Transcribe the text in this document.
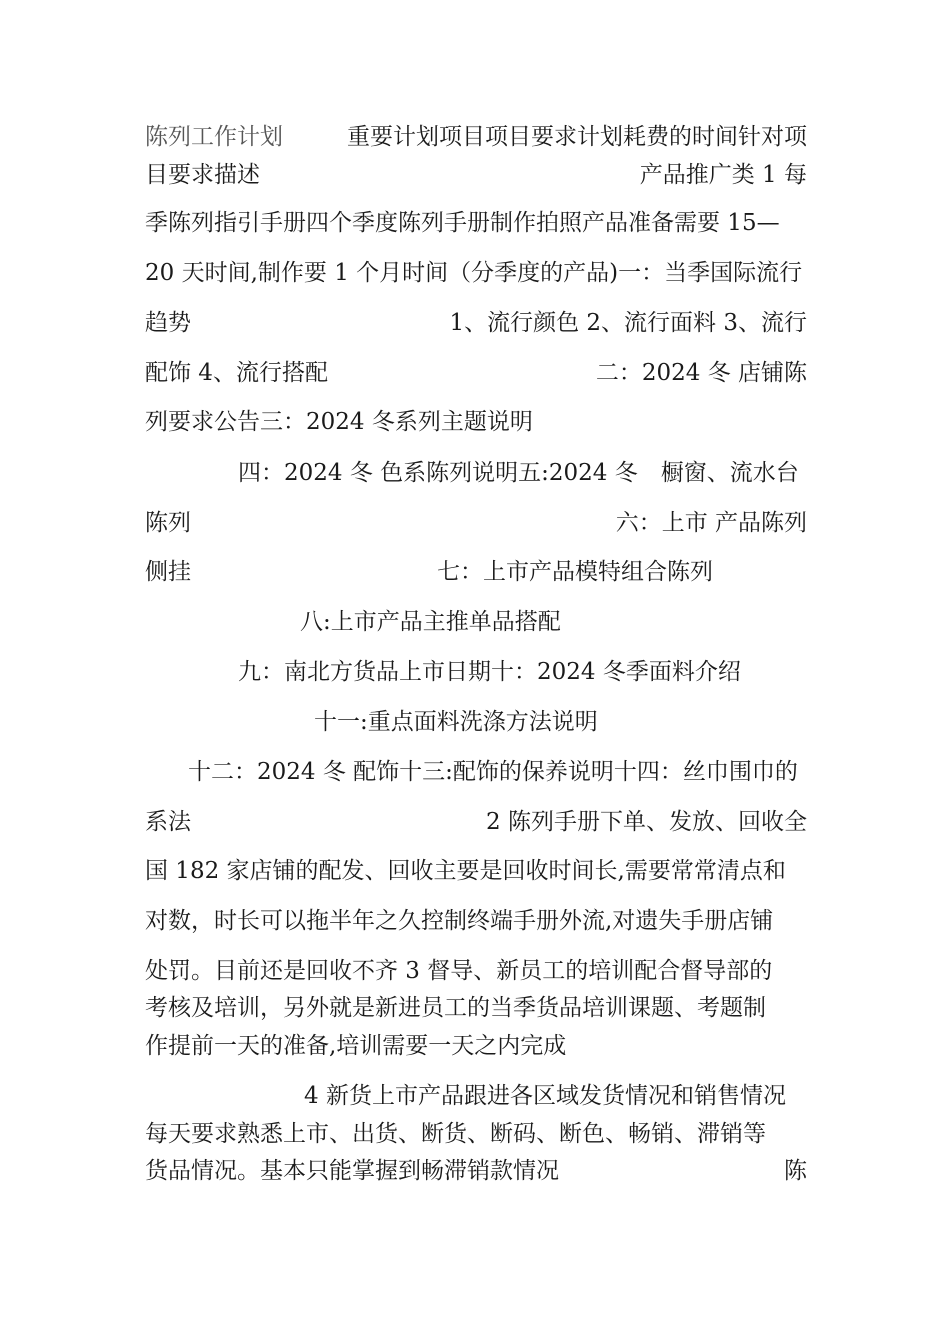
陈列工作计划	重要计划项目项目要求计划耗费的时间针对项
目要求描述	产品推广类 1 每
季陈列指引手册四个季度陈列手册制作拍照产品准备需要 15—
20 天时间,制作要 1 个月时间（分季度的产品)一：当季国际流行
趋势	1、流行颜色 2、流行面料 3、流行
配饰 4、流行搭配	二：2024 冬 店铺陈
列要求公告三：2024 冬系列主题说明
四：2024 冬 色系陈列说明五:2024 冬　橱窗、流水台
陈列	六：上市 产品陈列
侧挂	七：上市产品模特组合陈列
八:上市产品主推单品搭配
九：南北方货品上市日期十：2024 冬季面料介绍
十一:重点面料洗涤方法说明
十二：2024 冬 配饰十三:配饰的保养说明十四：丝巾围巾的
系法	2 陈列手册下单、发放、回收全
国 182 家店铺的配发、回收主要是回收时间长,需要常常清点和
对数，时长可以拖半年之久控制终端手册外流,对遗失手册店铺
处罚。目前还是回收不齐 3 督导、新员工的培训配合督导部的
考核及培训，另外就是新进员工的当季货品培训课题、考题制
作提前一天的准备,培训需要一天之内完成
4 新货上市产品跟进各区域发货情况和销售情况
每天要求熟悉上市、出货、断货、断码、断色、畅销、滞销等
货品情况。基本只能掌握到畅滞销款情况	陈
